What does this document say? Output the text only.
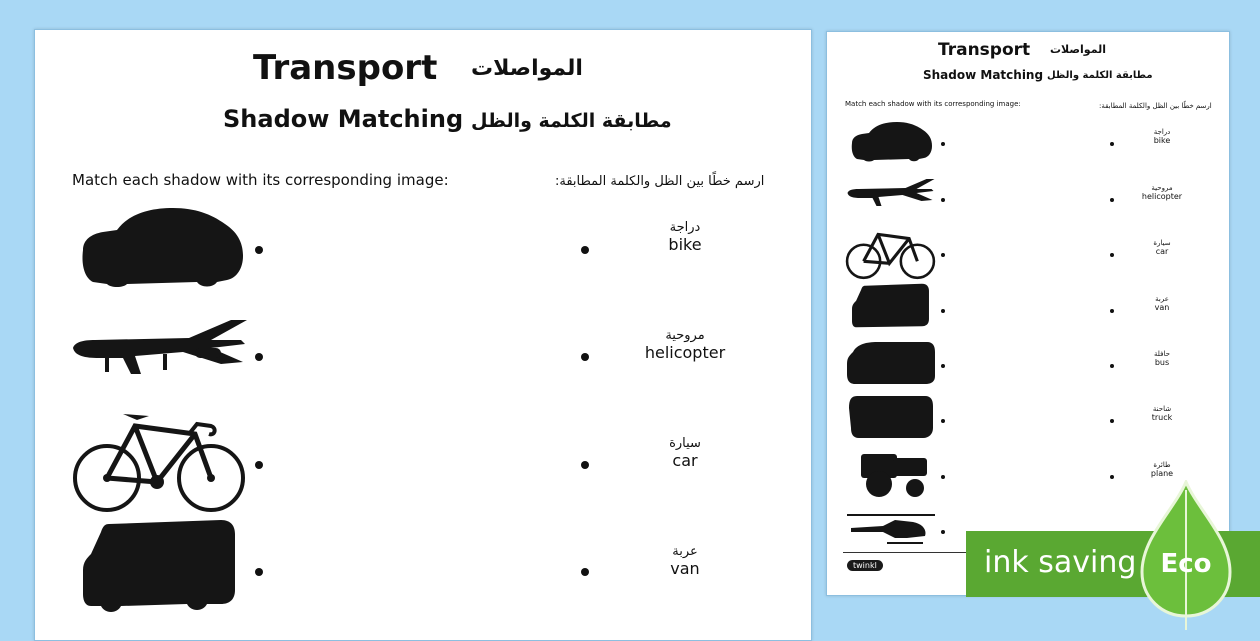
Transport المواصلات
Shadow Matching مطابقة الكلمة والظل
Match each shadow with its corresponding image:	ارسم خطًا بين الظل والكلمة المطابقة:
دراجة
bike
مروحية
helicopter
سيارة
car
عربة
van
Transport المواصلات
Shadow Matching مطابقة الكلمة والظل
Match each shadow with its corresponding image:	ارسم خطًا بين الظل والكلمة المطابقة:
دراجة
bike
مروحية
helicopter
سيارة
car
عربة
van
حافلة
bus
شاحنة
truck
طائرة
plane
twinkl	ink saving Eco
